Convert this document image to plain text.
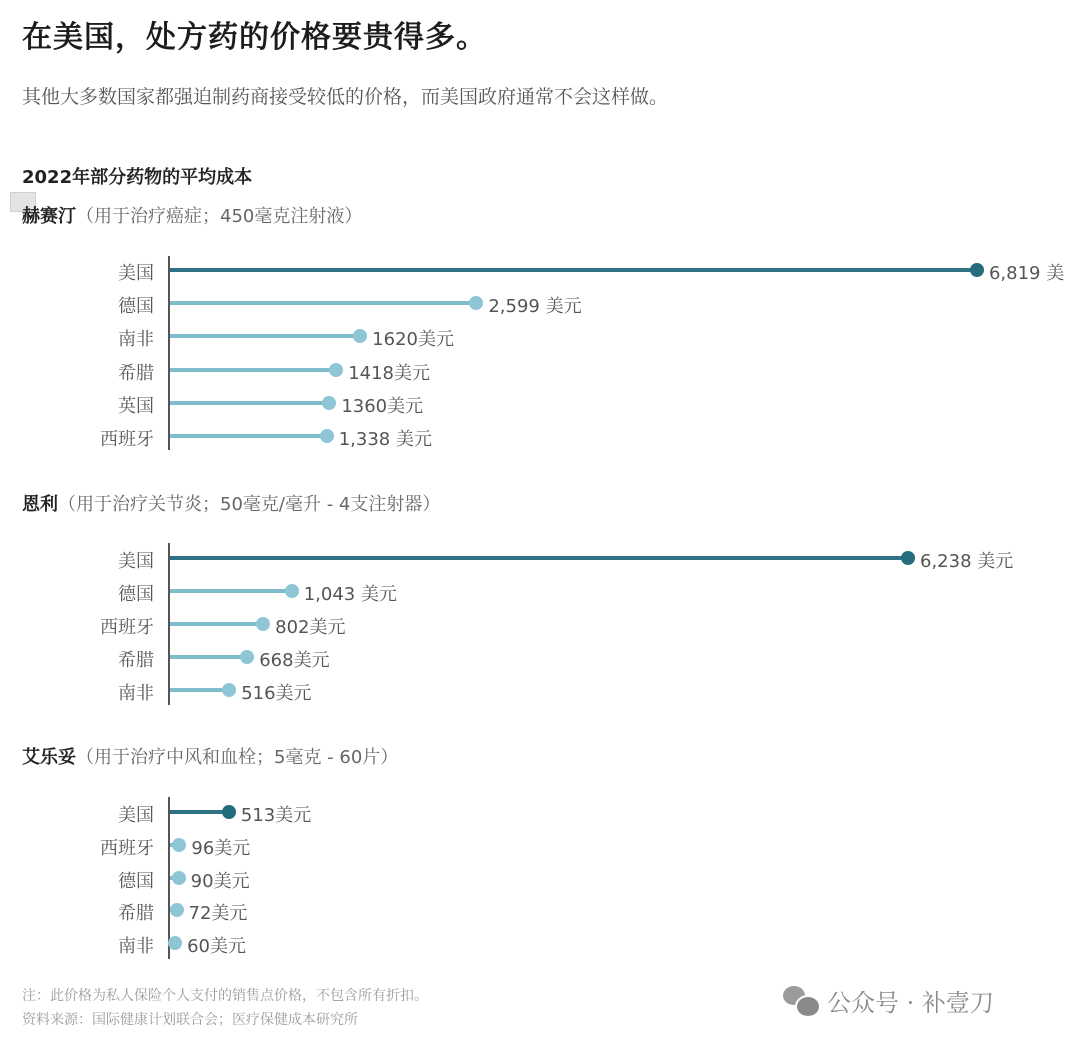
在美国，处方药的价格要贵得多。
其他大多数国家都强迫制药商接受较低的价格，而美国政府通常不会这样做。
2022年部分药物的平均成本
赫赛汀（用于治疗癌症；450毫克注射液）
美国	6,819 美
德国	2,599 美元
南非	1620美元
希腊	1418美元
英国	1360美元
西班牙	1,338 美元
恩利（用于治疗关节炎；50毫克/毫升 - 4支注射器）
美国	6,238 美元
德国	1,043 美元
西班牙	802美元
希腊	668美元
南非	516美元
艾乐妥（用于治疗中风和血栓；5毫克 - 60片）
美国	513美元
西班牙 96美元
德国 90美元
希腊 72美元
南非 60美元
注：此价格为私人保险个人支付的销售点价格，不包含所有折扣。
资料来源：国际健康计划联合会；医疗保健成本研究所
公众号 · 补壹刀
